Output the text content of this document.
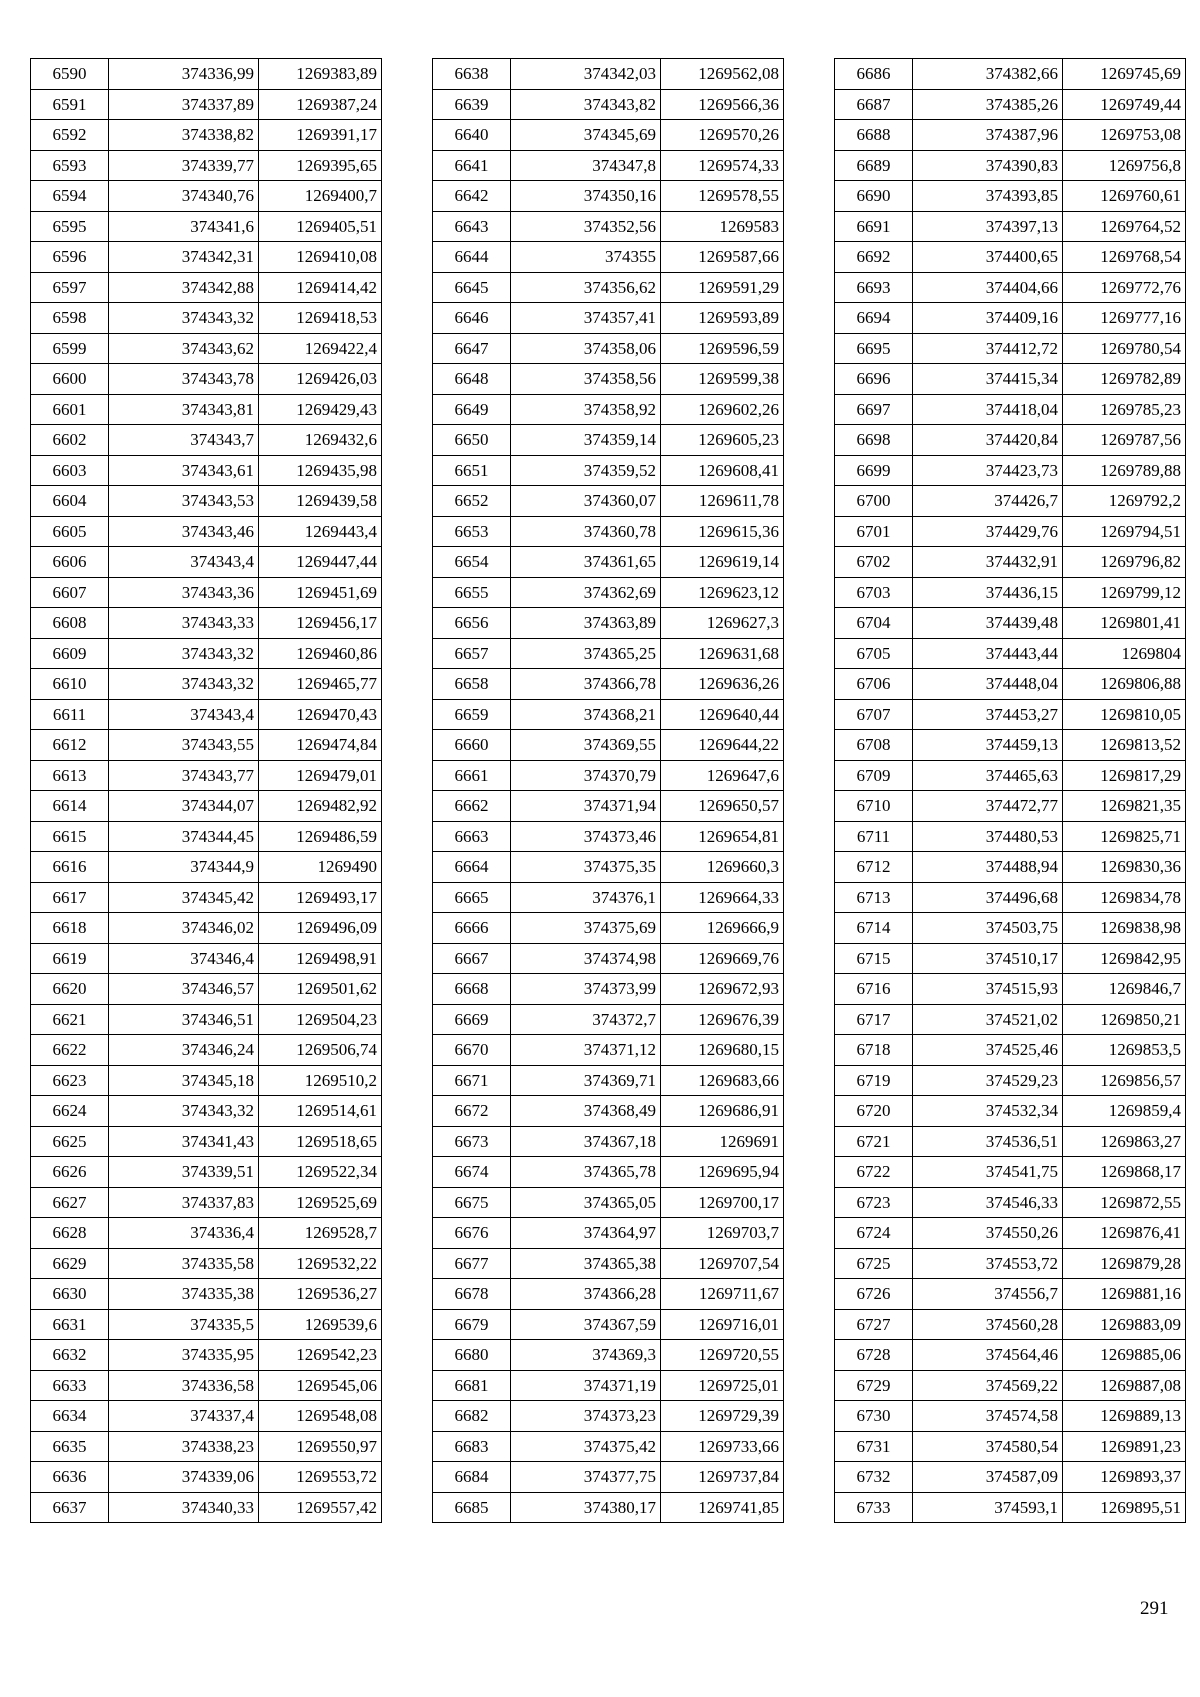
6590	374336,99	1269383,89
6591	374337,89	1269387,24
6592	374338,82	1269391,17
6593	374339,77	1269395,65
6594	374340,76	1269400,7
6595	374341,6	1269405,51
6596	374342,31	1269410,08
6597	374342,88	1269414,42
6598	374343,32	1269418,53
6599	374343,62	1269422,4
6600	374343,78	1269426,03
6601	374343,81	1269429,43
6602	374343,7	1269432,6
6603	374343,61	1269435,98
6604	374343,53	1269439,58
6605	374343,46	1269443,4
6606	374343,4	1269447,44
6607	374343,36	1269451,69
6608	374343,33	1269456,17
6609	374343,32	1269460,86
6610	374343,32	1269465,77
6611	374343,4	1269470,43
6612	374343,55	1269474,84
6613	374343,77	1269479,01
6614	374344,07	1269482,92
6615	374344,45	1269486,59
6616	374344,9	1269490
6617	374345,42	1269493,17
6618	374346,02	1269496,09
6619	374346,4	1269498,91
6620	374346,57	1269501,62
6621	374346,51	1269504,23
6622	374346,24	1269506,74
6623	374345,18	1269510,2
6624	374343,32	1269514,61
6625	374341,43	1269518,65
6626	374339,51	1269522,34
6627	374337,83	1269525,69
6628	374336,4	1269528,7
6629	374335,58	1269532,22
6630	374335,38	1269536,27
6631	374335,5	1269539,6
6632	374335,95	1269542,23
6633	374336,58	1269545,06
6634	374337,4	1269548,08
6635	374338,23	1269550,97
6636	374339,06	1269553,72
6637	374340,33	1269557,42
6638	374342,03	1269562,08
6639	374343,82	1269566,36
6640	374345,69	1269570,26
6641	374347,8	1269574,33
6642	374350,16	1269578,55
6643	374352,56	1269583
6644	374355	1269587,66
6645	374356,62	1269591,29
6646	374357,41	1269593,89
6647	374358,06	1269596,59
6648	374358,56	1269599,38
6649	374358,92	1269602,26
6650	374359,14	1269605,23
6651	374359,52	1269608,41
6652	374360,07	1269611,78
6653	374360,78	1269615,36
6654	374361,65	1269619,14
6655	374362,69	1269623,12
6656	374363,89	1269627,3
6657	374365,25	1269631,68
6658	374366,78	1269636,26
6659	374368,21	1269640,44
6660	374369,55	1269644,22
6661	374370,79	1269647,6
6662	374371,94	1269650,57
6663	374373,46	1269654,81
6664	374375,35	1269660,3
6665	374376,1	1269664,33
6666	374375,69	1269666,9
6667	374374,98	1269669,76
6668	374373,99	1269672,93
6669	374372,7	1269676,39
6670	374371,12	1269680,15
6671	374369,71	1269683,66
6672	374368,49	1269686,91
6673	374367,18	1269691
6674	374365,78	1269695,94
6675	374365,05	1269700,17
6676	374364,97	1269703,7
6677	374365,38	1269707,54
6678	374366,28	1269711,67
6679	374367,59	1269716,01
6680	374369,3	1269720,55
6681	374371,19	1269725,01
6682	374373,23	1269729,39
6683	374375,42	1269733,66
6684	374377,75	1269737,84
6685	374380,17	1269741,85
6686	374382,66	1269745,69
6687	374385,26	1269749,44
6688	374387,96	1269753,08
6689	374390,83	1269756,8
6690	374393,85	1269760,61
6691	374397,13	1269764,52
6692	374400,65	1269768,54
6693	374404,66	1269772,76
6694	374409,16	1269777,16
6695	374412,72	1269780,54
6696	374415,34	1269782,89
6697	374418,04	1269785,23
6698	374420,84	1269787,56
6699	374423,73	1269789,88
6700	374426,7	1269792,2
6701	374429,76	1269794,51
6702	374432,91	1269796,82
6703	374436,15	1269799,12
6704	374439,48	1269801,41
6705	374443,44	1269804
6706	374448,04	1269806,88
6707	374453,27	1269810,05
6708	374459,13	1269813,52
6709	374465,63	1269817,29
6710	374472,77	1269821,35
6711	374480,53	1269825,71
6712	374488,94	1269830,36
6713	374496,68	1269834,78
6714	374503,75	1269838,98
6715	374510,17	1269842,95
6716	374515,93	1269846,7
6717	374521,02	1269850,21
6718	374525,46	1269853,5
6719	374529,23	1269856,57
6720	374532,34	1269859,4
6721	374536,51	1269863,27
6722	374541,75	1269868,17
6723	374546,33	1269872,55
6724	374550,26	1269876,41
6725	374553,72	1269879,28
6726	374556,7	1269881,16
6727	374560,28	1269883,09
6728	374564,46	1269885,06
6729	374569,22	1269887,08
6730	374574,58	1269889,13
6731	374580,54	1269891,23
6732	374587,09	1269893,37
6733	374593,1	1269895,51
291
